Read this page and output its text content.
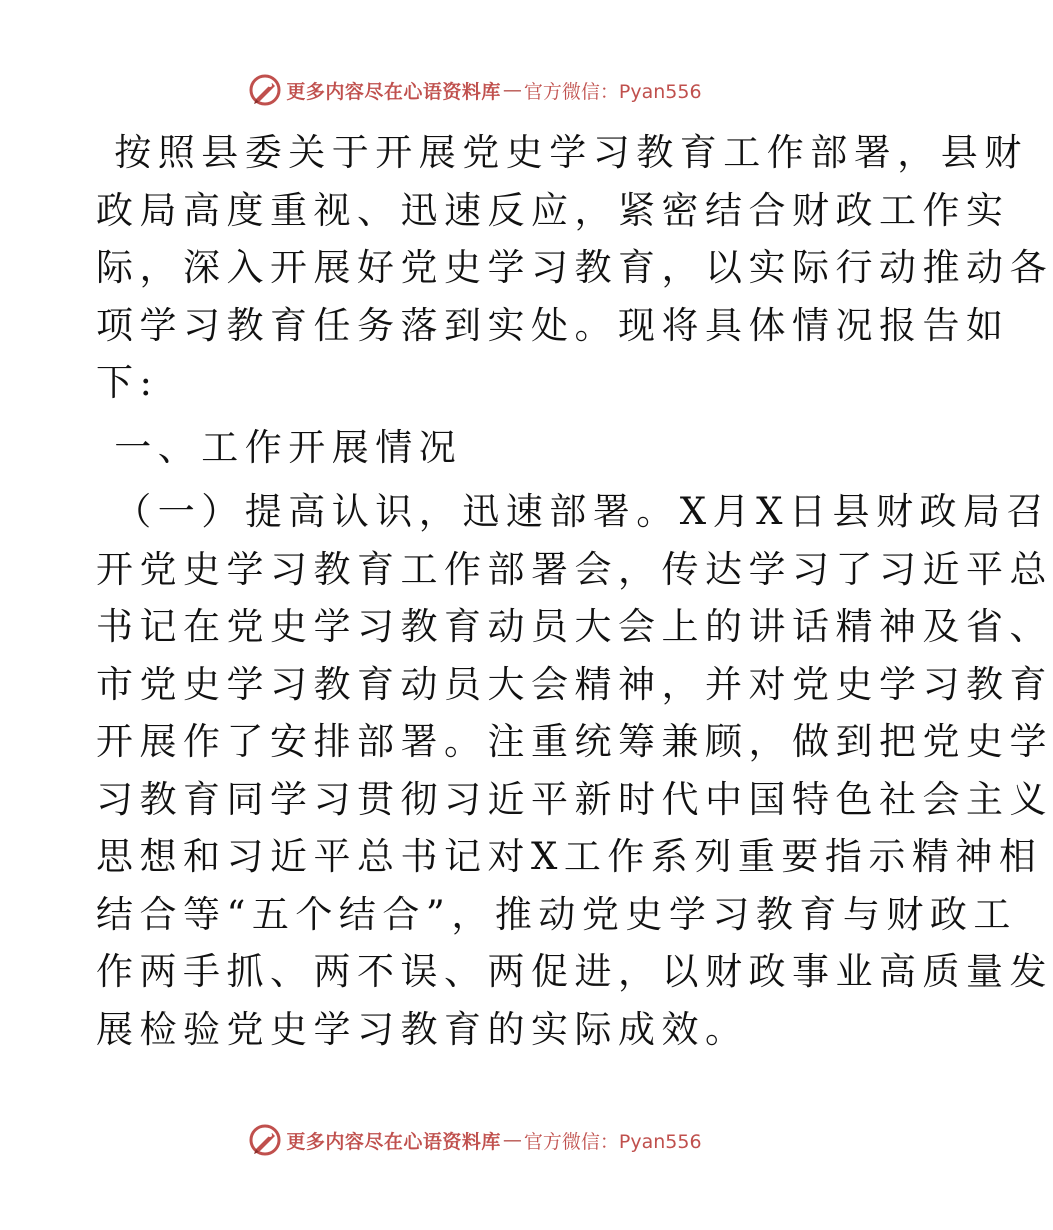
更多内容尽在心语资料库 — 官方微信：Pyan556

按照县委关于开展党史学习教育工作部署，县财

政局高度重视、迅速反应，紧密结合财政工作实

际，深入开展好党史学习教育，以实际行动推动各

项学习教育任务落到实处。现将具体情况报告如

下:

一、工作开展情况

（一）提高认识，迅速部署。X月X日县财政局召

开党史学习教育工作部署会，传达学习了习近平总

书记在党史学习教育动员大会上的讲话精神及省、

市党史学习教育动员大会精神，并对党史学习教育

开展作了安排部署。注重统筹兼顾，做到把党史学

习教育同学习贯彻习近平新时代中国特色社会主义

思想和习近平总书记对X工作系列重要指示精神相

结合等“五个结合”，推动党史学习教育与财政工

作两手抓、两不误、两促进，以财政事业高质量发

展检验党史学习教育的实际成效。

更多内容尽在心语资料库 — 官方微信：Pyan556
